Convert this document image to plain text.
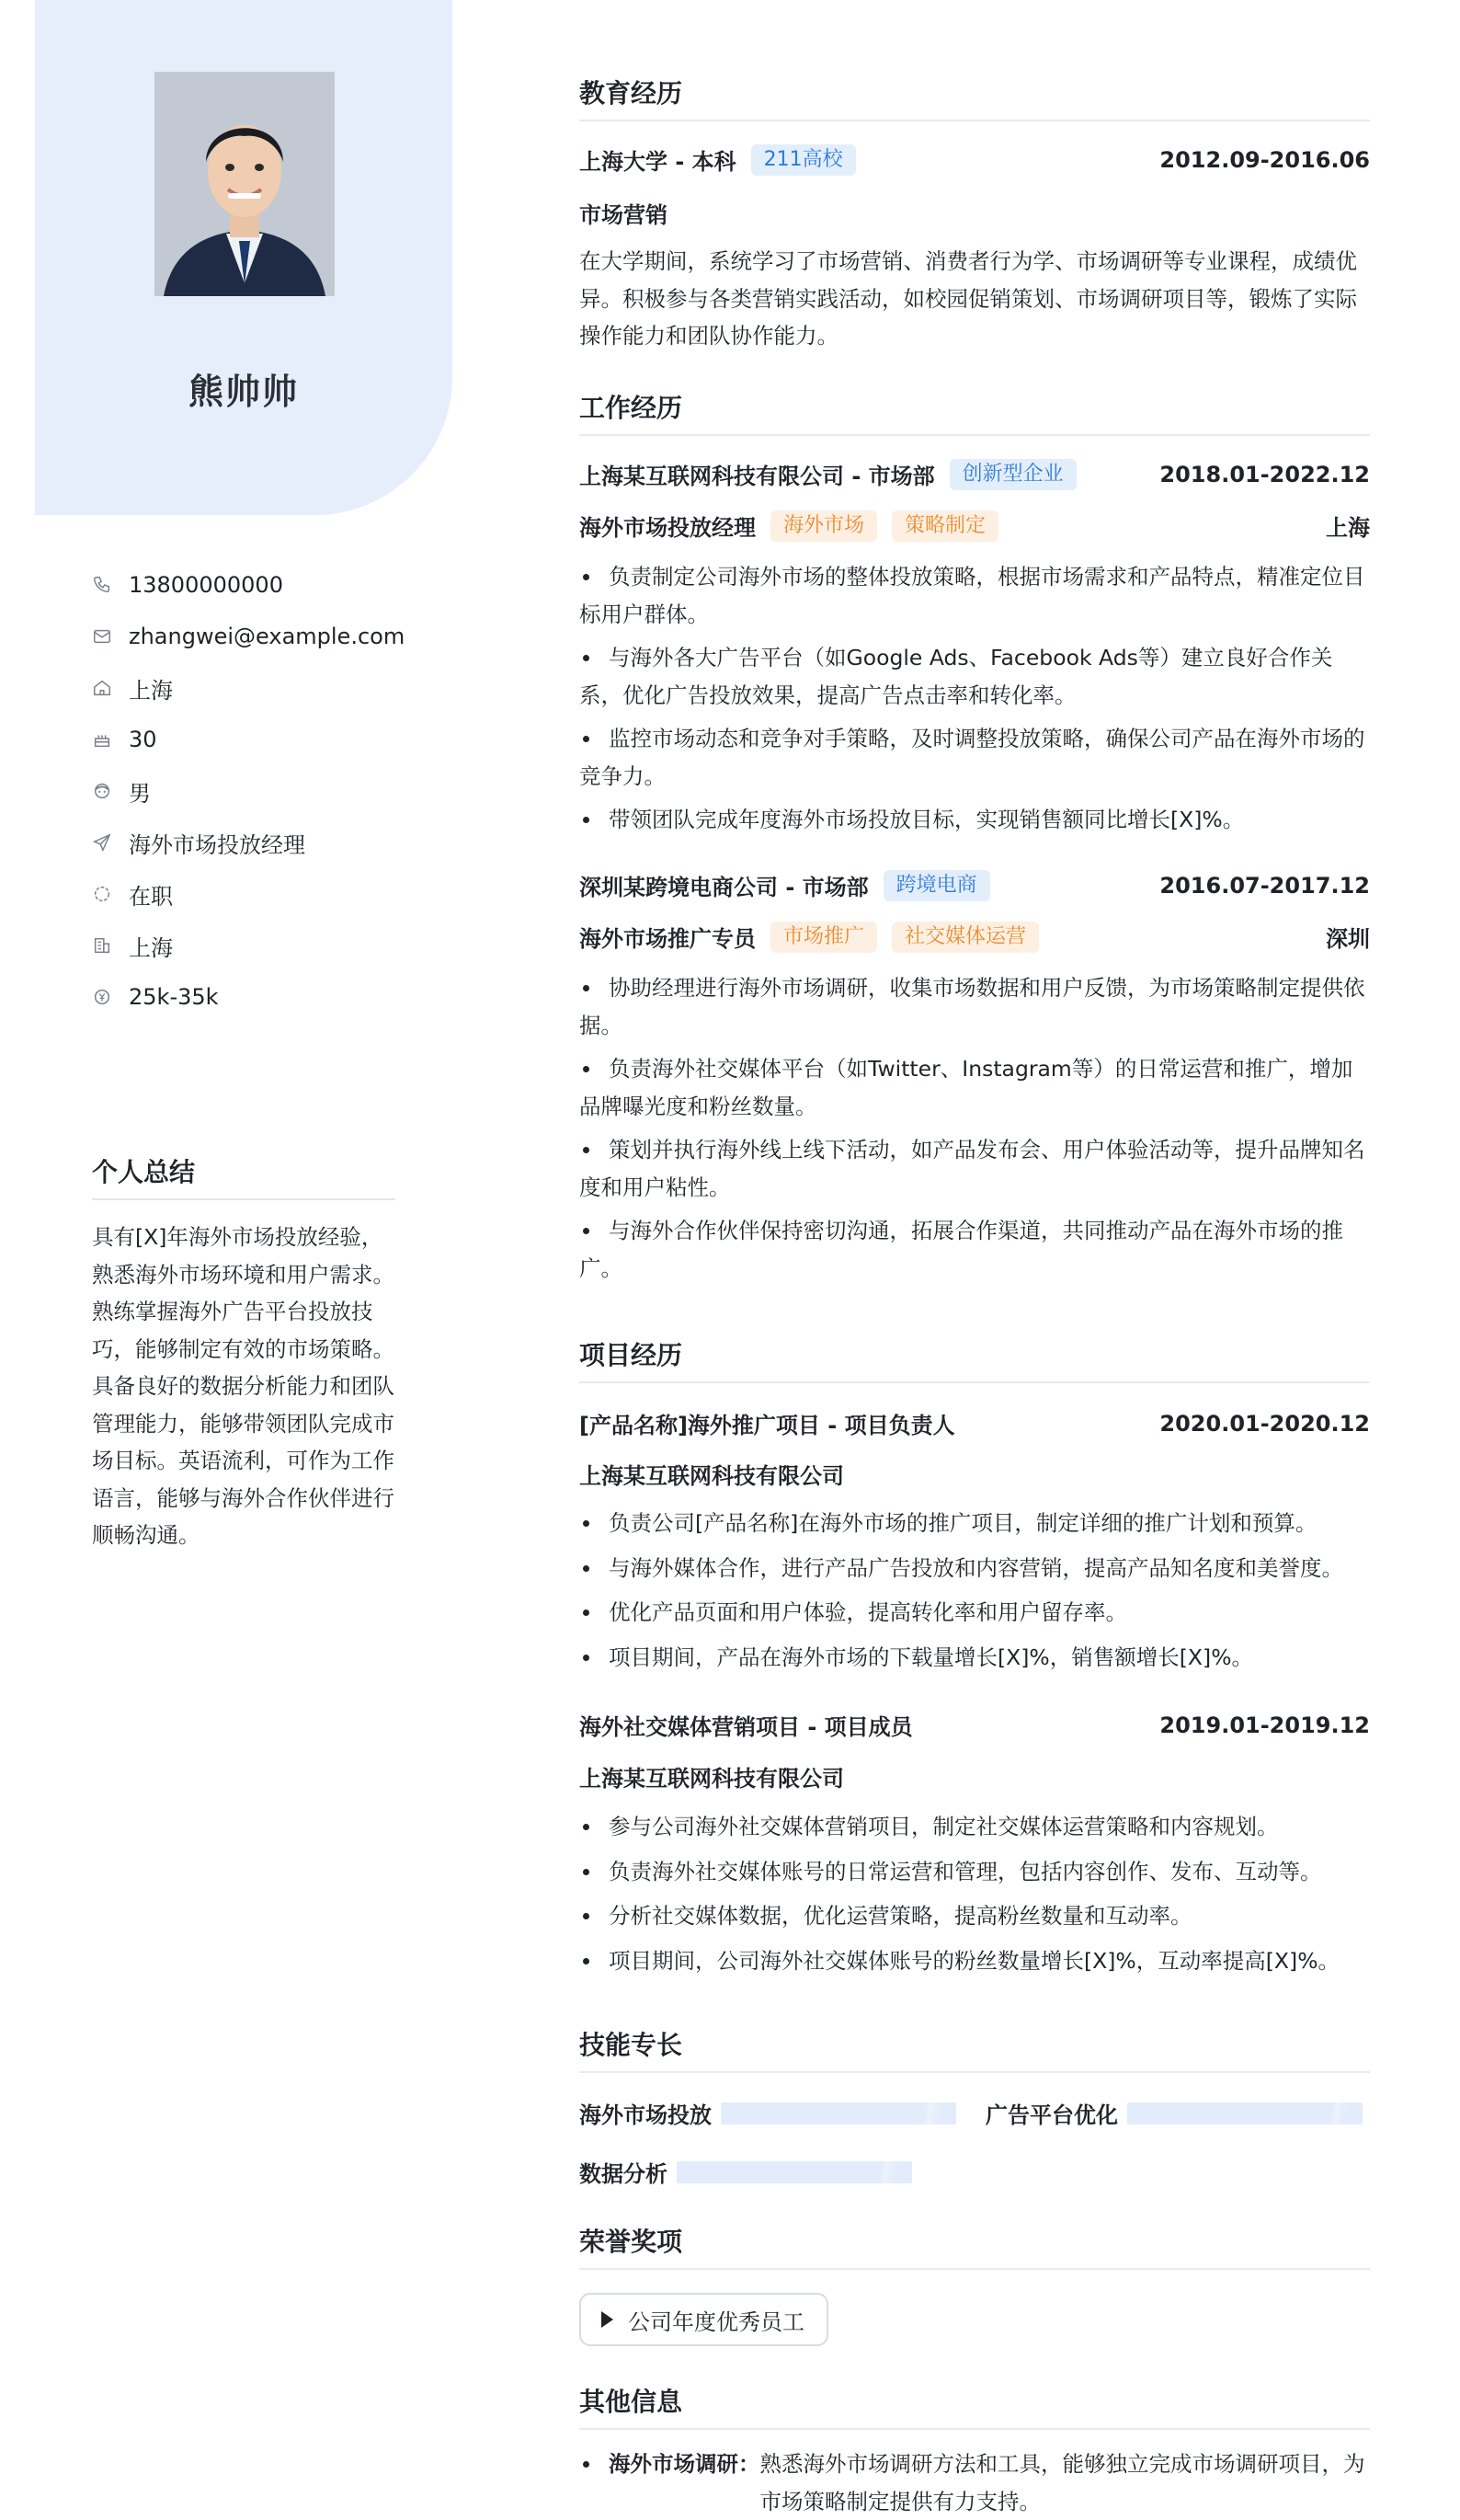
熊帅帅
13800000000
zhangwei@example.com
上海
30
男
海外市场投放经理
在职
上海
25k-35k
个人总结
具有[X]年海外市场投放经验，熟悉海外市场环境和用户需求。熟练掌握海外广告平台投放技巧，能够制定有效的市场策略。具备良好的数据分析能力和团队管理能力，能够带领团队完成市场目标。英语流利，可作为工作语言，能够与海外合作伙伴进行顺畅沟通。
教育经历
上海大学 - 本科	211高校	2012.09-2016.06
市场营销
在大学期间，系统学习了市场营销、消费者行为学、市场调研等专业课程，成绩优异。积极参与各类营销实践活动，如校园促销策划、市场调研项目等，锻炼了实际操作能力和团队协作能力。
工作经历
上海某互联网科技有限公司 - 市场部	创新型企业	2018.01-2022.12
海外市场投放经理	海外市场	策略制定	上海
负责制定公司海外市场的整体投放策略，根据市场需求和产品特点，精准定位目标用户群体。
与海外各大广告平台（如Google Ads、Facebook Ads等）建立良好合作关系，优化广告投放效果，提高广告点击率和转化率。
监控市场动态和竞争对手策略，及时调整投放策略，确保公司产品在海外市场的竞争力。
带领团队完成年度海外市场投放目标，实现销售额同比增长[X]%。
深圳某跨境电商公司 - 市场部	跨境电商	2016.07-2017.12
海外市场推广专员	市场推广	社交媒体运营	深圳
协助经理进行海外市场调研，收集市场数据和用户反馈，为市场策略制定提供依据。
负责海外社交媒体平台（如Twitter、Instagram等）的日常运营和推广，增加品牌曝光度和粉丝数量。
策划并执行海外线上线下活动，如产品发布会、用户体验活动等，提升品牌知名度和用户粘性。
与海外合作伙伴保持密切沟通，拓展合作渠道，共同推动产品在海外市场的推广。
项目经历
[产品名称]海外推广项目 - 项目负责人	2020.01-2020.12
上海某互联网科技有限公司
负责公司[产品名称]在海外市场的推广项目，制定详细的推广计划和预算。
与海外媒体合作，进行产品广告投放和内容营销，提高产品知名度和美誉度。
优化产品页面和用户体验，提高转化率和用户留存率。
项目期间，产品在海外市场的下载量增长[X]%，销售额增长[X]%。
海外社交媒体营销项目 - 项目成员	2019.01-2019.12
上海某互联网科技有限公司
参与公司海外社交媒体营销项目，制定社交媒体运营策略和内容规划。
负责海外社交媒体账号的日常运营和管理，包括内容创作、发布、互动等。
分析社交媒体数据，优化运营策略，提高粉丝数量和互动率。
项目期间，公司海外社交媒体账号的粉丝数量增长[X]%，互动率提高[X]%。
技能专长
海外市场投放	广告平台优化
数据分析
荣誉奖项
公司年度优秀员工
其他信息
海外市场调研： 熟悉海外市场调研方法和工具，能够独立完成市场调研项目，为市场策略制定提供有力支持。
